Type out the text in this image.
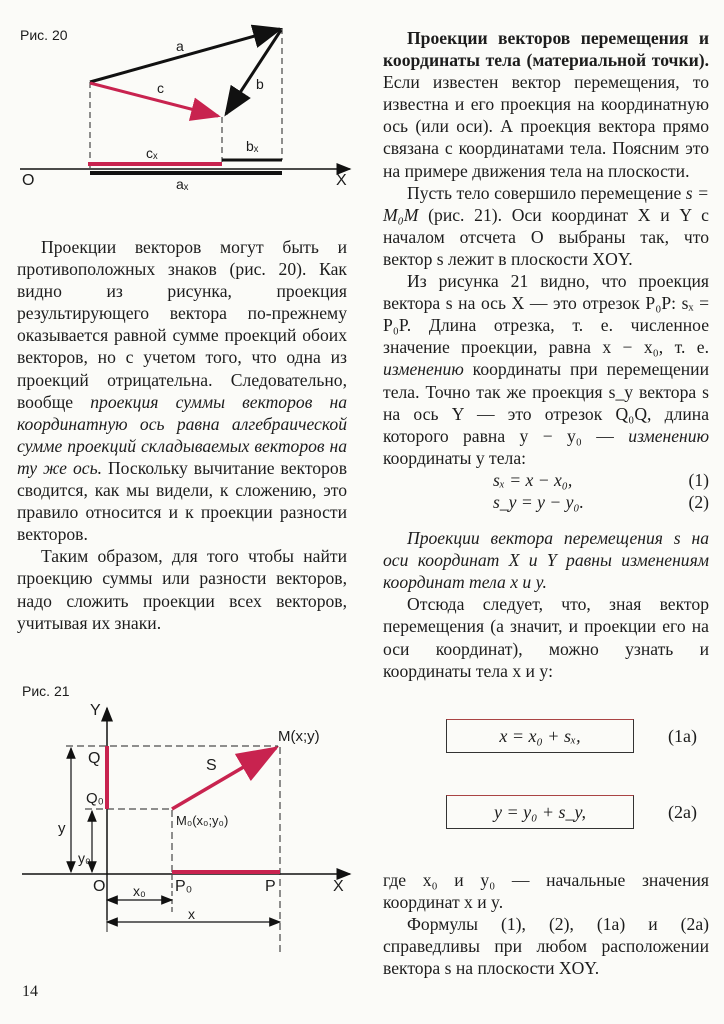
Рис. 20
a
b
c
cₓ	bₓ
aₓ
O	X

Проекции векторов могут быть и противоположных знаков (рис. 20). Как видно из рисунка, проекция результирующего вектора по-прежнему оказывается равной сумме проекций обоих векторов, но с учетом того, что одна из проекций отрицательна. Следовательно, вообще проекция суммы векторов на координатную ось равна алгебраической сумме проекций складываемых векторов на ту же ось. Поскольку вычитание векторов сводится, как мы видели, к сложению, это правило относится и к проекции разности векторов.

Таким образом, для того чтобы найти проекцию суммы или разности векторов, надо сложить проекции всех векторов, учитывая их знаки.

Рис. 21
Y
Q
Q₀
M(x;y)
S
M₀(x₀;y₀)
y
y₀
O	P₀	P	X
x₀
x

Проекции векторов перемещения и координаты тела (материальной точки). Если известен вектор перемещения, то известна и его проекция на координатную ось (или оси). А проекция вектора прямо связана с координатами тела. Поясним это на примере движения тела на плоскости.

Пусть тело совершило перемещение s = M₀M (рис. 21). Оси координат X и Y с началом отсчета O выбраны так, что вектор s лежит в плоскости XOY.

Из рисунка 21 видно, что проекция вектора s на ось X — это отрезок P₀P: sₓ = P₀P. Длина отрезка, т. е. численное значение проекции, равна x − x₀, т. е. изменению координаты при перемещении тела. Точно так же проекция s_y вектора s на ось Y — это отрезок Q₀Q, длина которого равна y − y₀ — изменению координаты y тела:

sₓ = x − x₀,	(1)
s_y = y − y₀.	(2)

Проекции вектора перемещения s на оси координат X и Y равны изменениям координат тела x и y.

Отсюда следует, что, зная вектор перемещения (а значит, и проекции его на оси координат), можно узнать и координаты тела x и y:

x = x₀ + sₓ,	(1a)
y = y₀ + s_y,	(2a)

где x₀ и y₀ — начальные значения координат x и y.

Формулы (1), (2), (1a) и (2a) справедливы при любом расположении вектора s на плоскости XOY.

14
